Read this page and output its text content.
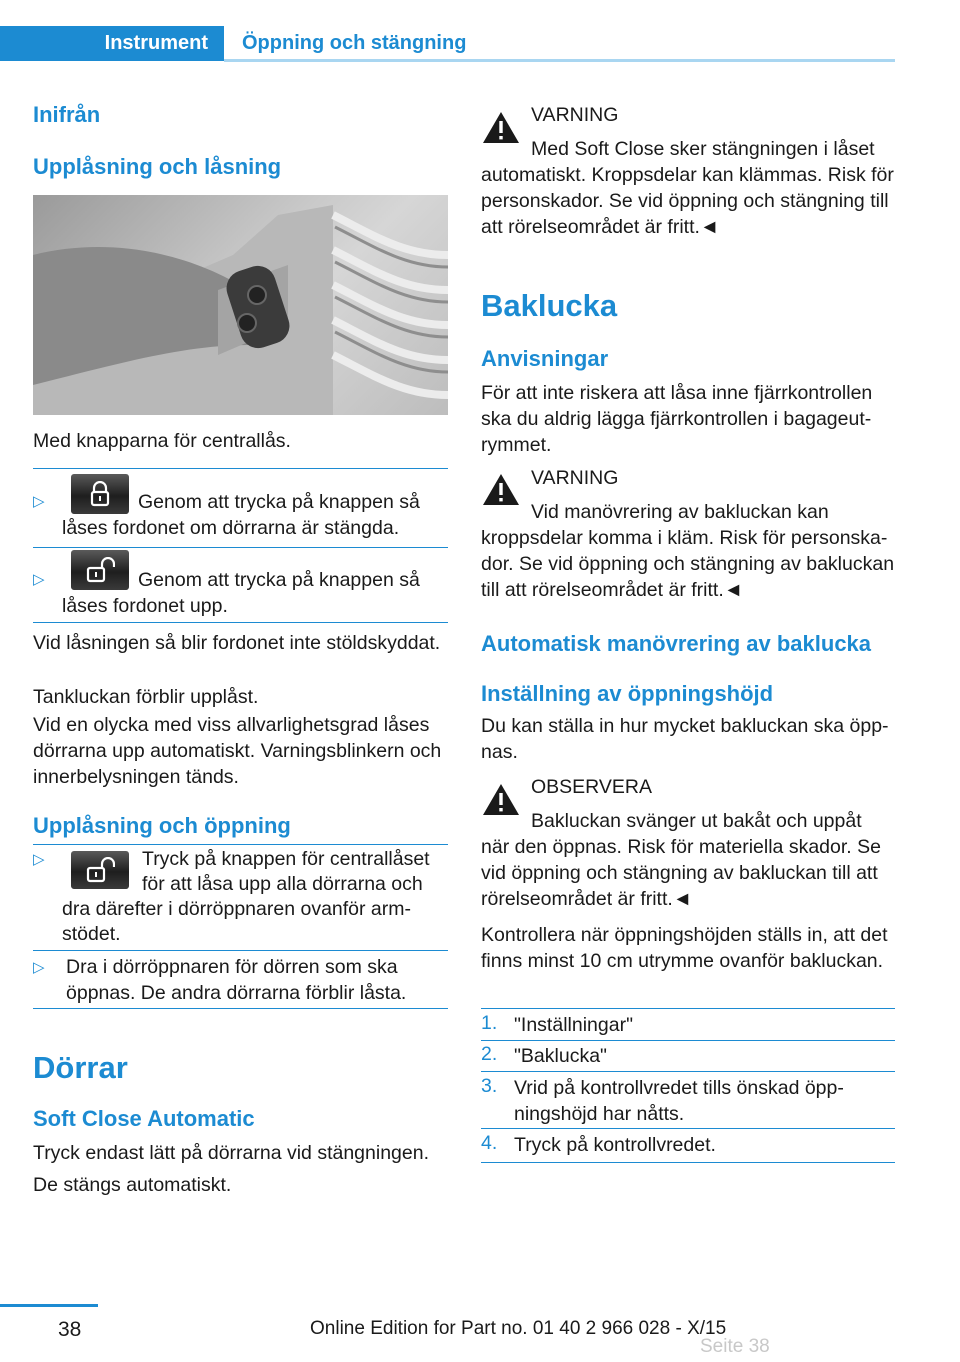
Instrument	Öppning och stängning
Inifrån
Upplåsning och låsning

Med knapparna för centrallås.

▷	Genom att trycka på knappen så låses fordonet om dörrarna är stängda.

▷	Genom att trycka på knappen så låses fordonet upp.

Vid låsningen så blir fordonet inte stöldskyddat.

Tankluckan förblir upplåst.

Vid en olycka med viss allvarlighetsgrad låses dörrarna upp automatiskt. Varningsblinkern och innerbelysningen tänds.

Upplåsning och öppning
▷	Tryck på knappen för centrallåset för att låsa upp alla dörrarna och dra därefter i dörröppnaren ovanför armstödet.
▷ Dra i dörröppnaren för dörren som ska öppnas. De andra dörrarna förblir låsta.

Dörrar
Soft Close Automatic

Tryck endast lätt på dörrarna vid stängningen.

De stängs automatiskt.

VARNING
Med Soft Close sker stängningen i låset automatiskt. Kroppsdelar kan klämmas. Risk för personskador. Se vid öppning och stängning till att rörelseområdet är fritt.◄
Baklucka
Anvisningar

För att inte riskera att låsa inne fjärrkontrollen ska du aldrig lägga fjärrkontrollen i bagageutrymmet.

VARNING
Vid manövrering av bakluckan kan kroppsdelar komma i kläm. Risk för personskador. Se vid öppning och stängning av bakluckan till att rörelseområdet är fritt.◄
Automatisk manövrering av baklucka
Inställning av öppningshöjd

Du kan ställa in hur mycket bakluckan ska öppnas.

OBSERVERA
Bakluckan svänger ut bakåt och uppåt när den öppnas. Risk för materiella skador. Se vid öppning och stängning av bakluckan till att rörelseområdet är fritt.◄

Kontrollera när öppningshöjden ställs in, att det finns minst 10 cm utrymme ovanför bakluckan.

1. "Inställningar"

2. "Baklucka"

3. Vrid på kontrollvredet tills önskad öppningshöjd har nåtts.

4. Tryck på kontrollvredet.

38	Online Edition for Part no. 01 40 2 966 028 - X/15
Seite 38
